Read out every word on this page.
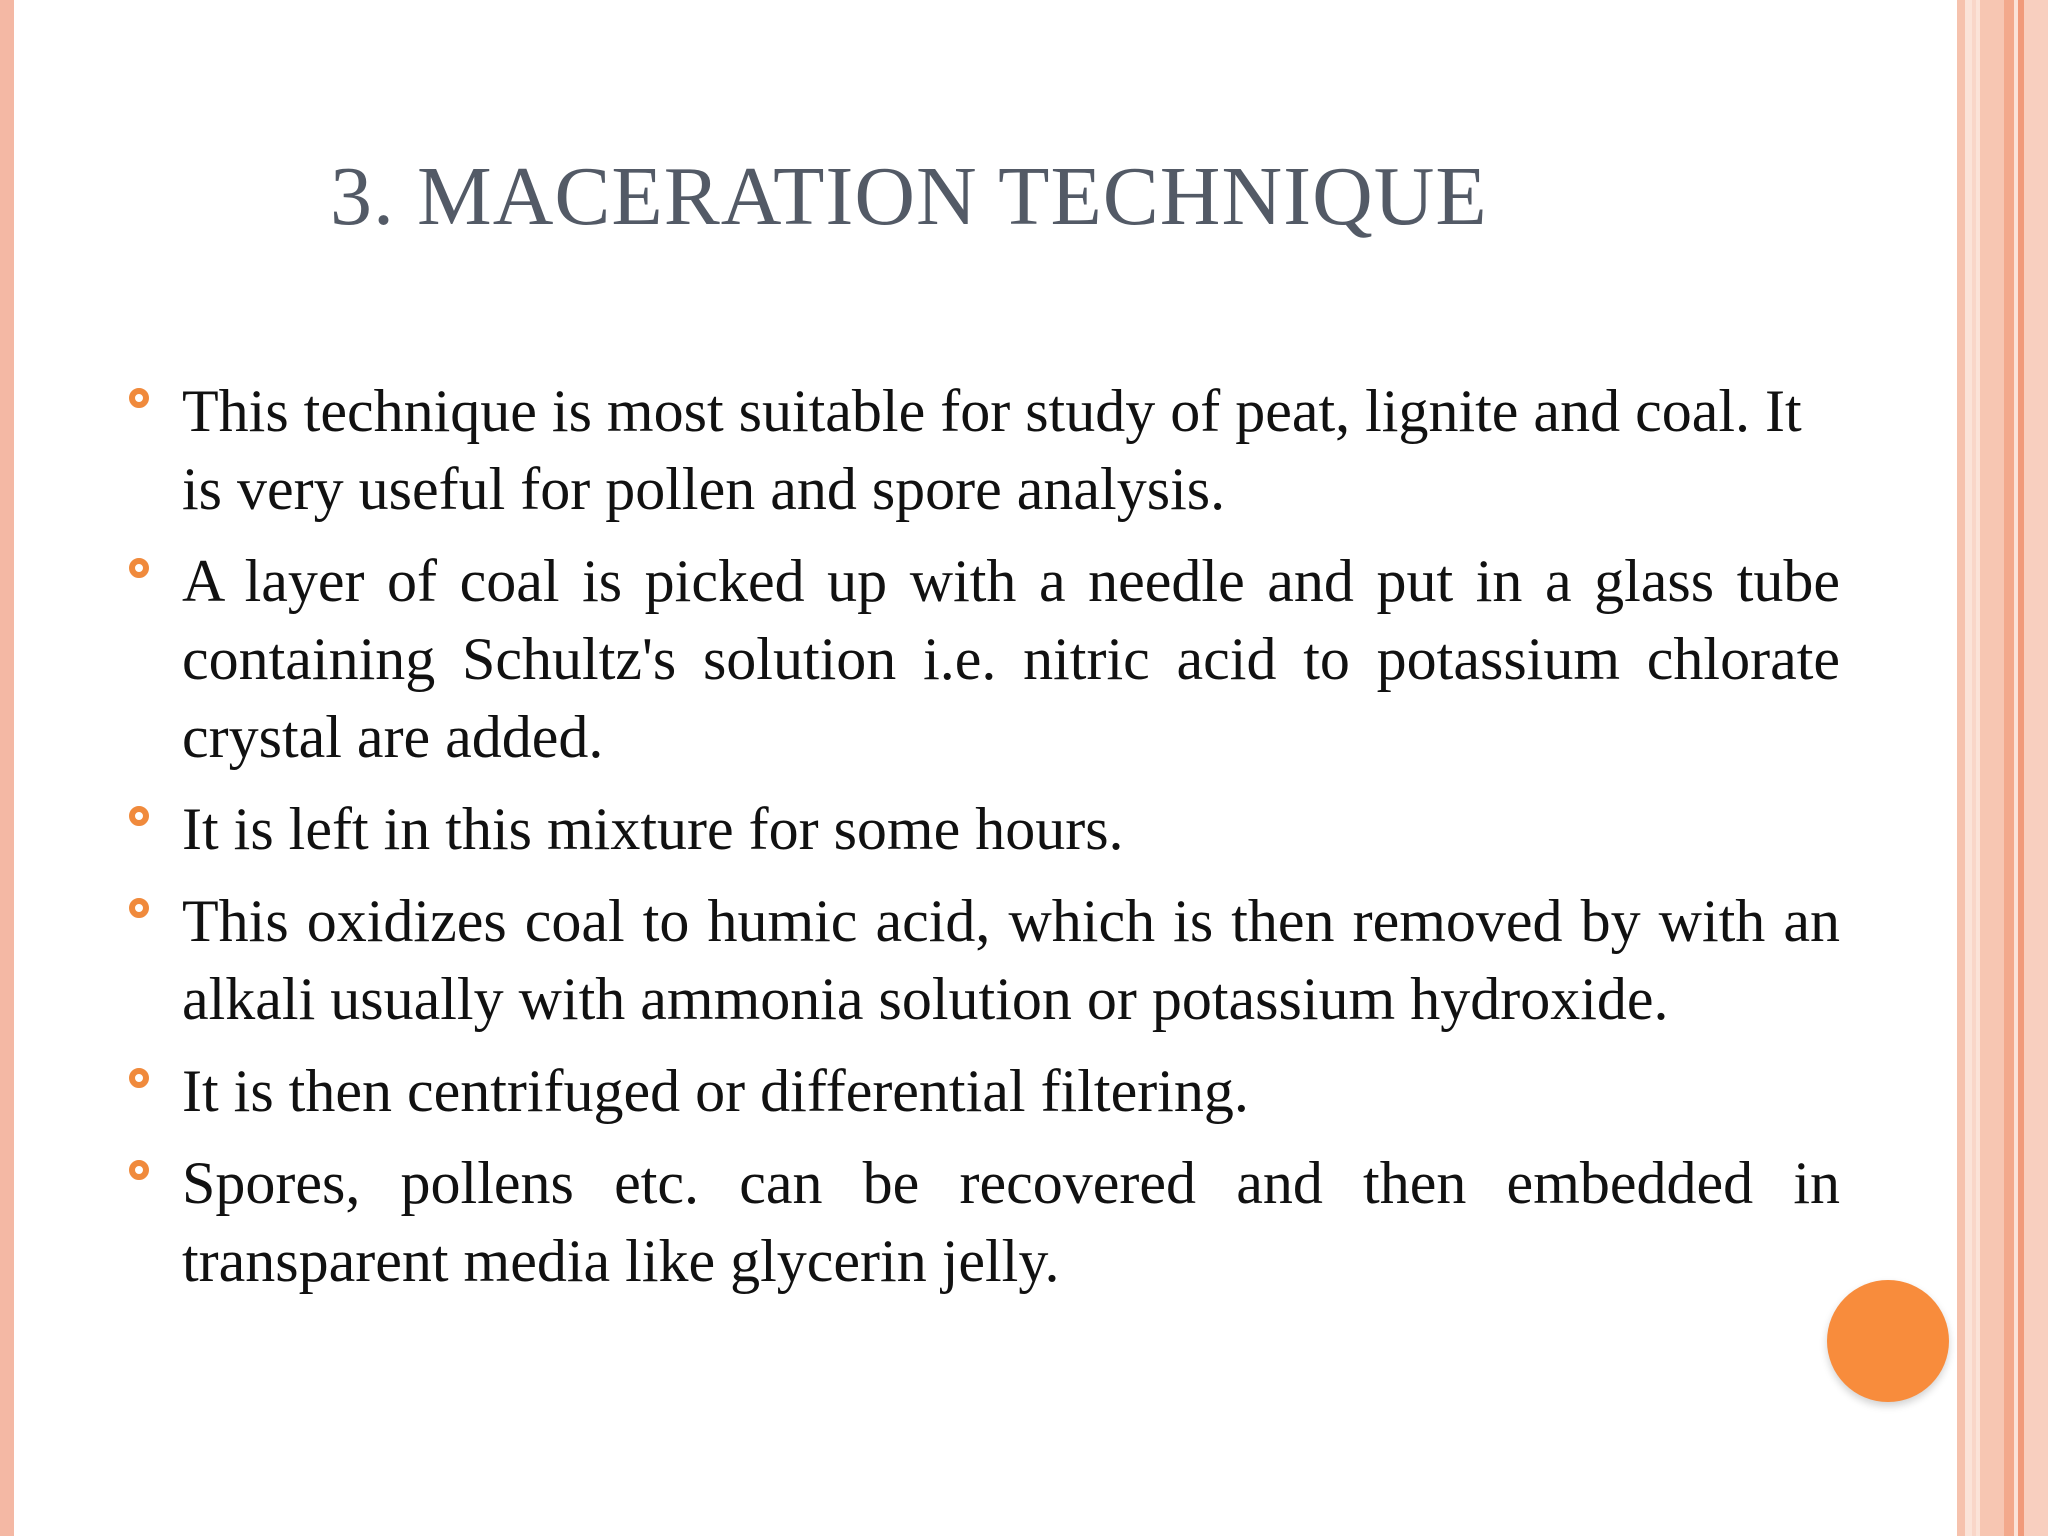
3. MACERATION TECHNIQUE
This technique is most suitable for study of peat, lignite and coal. It is very useful for pollen and spore analysis.
A layer of coal is picked up with a needle and put in a glass tube containing Schultz's solution i.e. nitric acid to potassium chlorate crystal are added.
It is left in this mixture for some hours.
This oxidizes coal to humic acid, which is then removed by with an alkali usually with ammonia solution or potassium hydroxide.
It is then centrifuged or differential filtering.
Spores, pollens etc. can be recovered and then embedded in transparent media like glycerin jelly.
